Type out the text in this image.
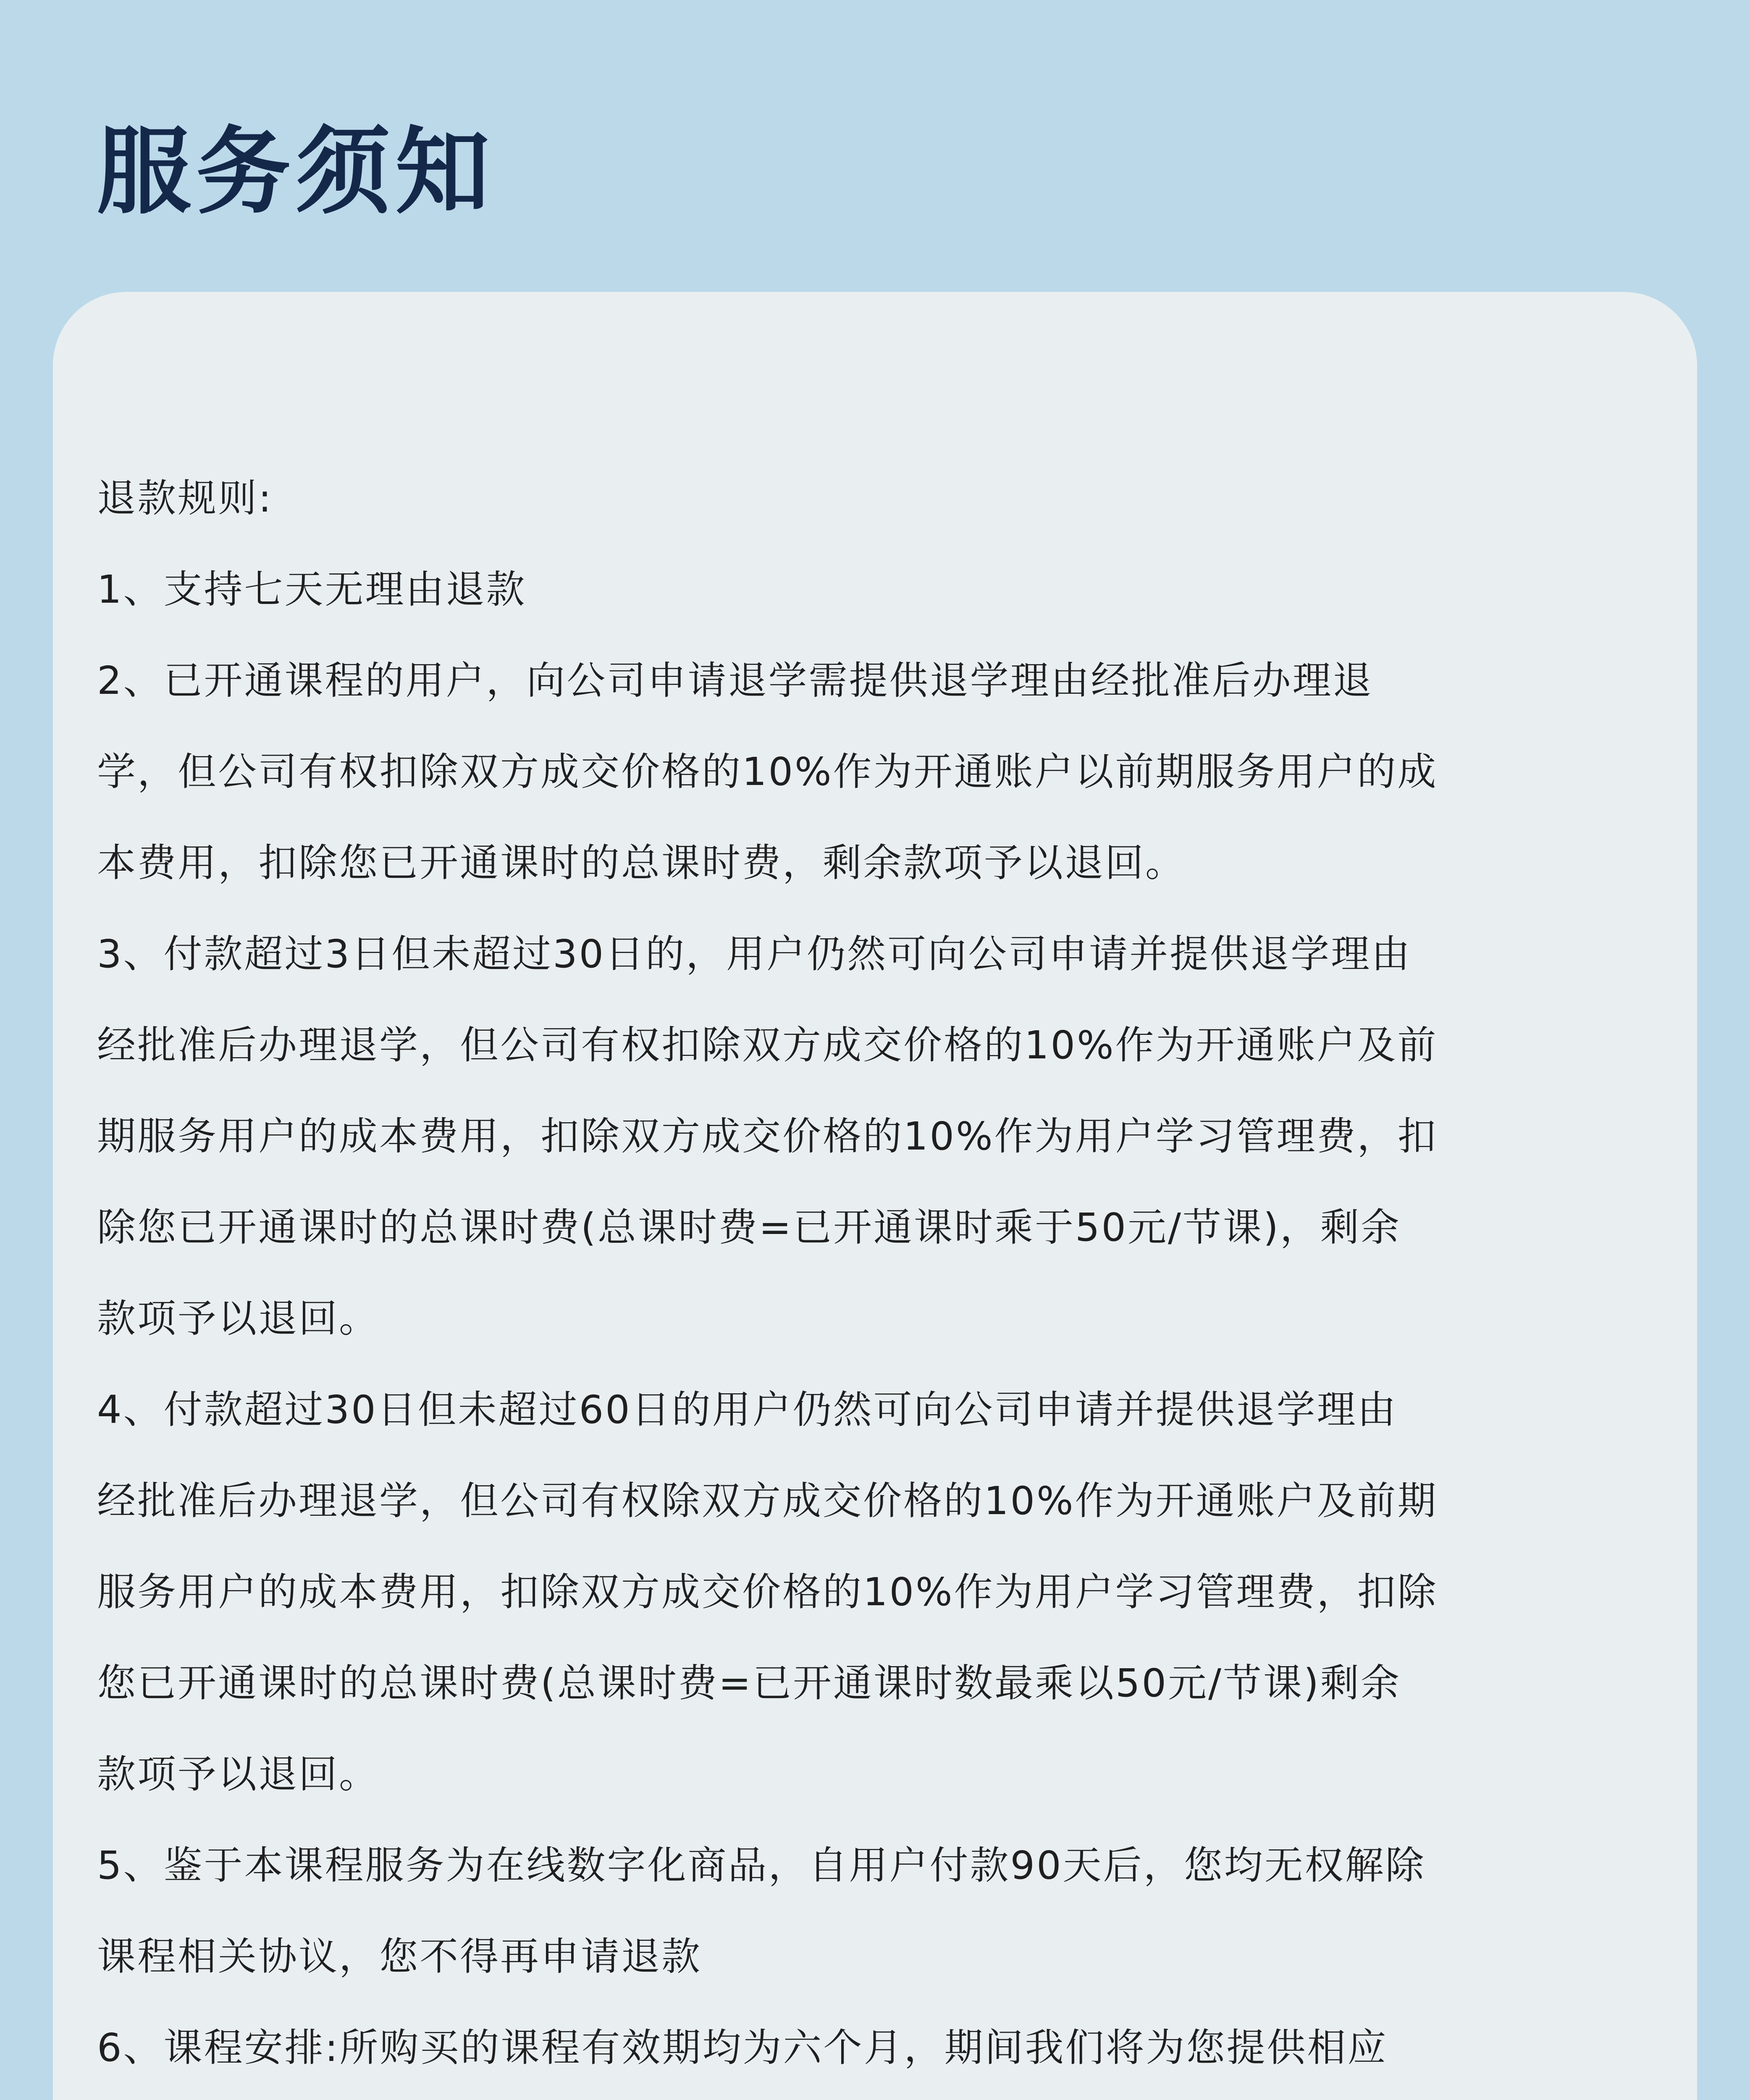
服务须知
退款规则:
1、支持七天无理由退款
2、已开通课程的用户，向公司申请退学需提供退学理由经批准后办理退
学，但公司有权扣除双方成交价格的10%作为开通账户以前期服务用户的成
本费用，扣除您已开通课时的总课时费，剩余款项予以退回。
3、付款超过3日但未超过30日的，用户仍然可向公司申请并提供退学理由
经批准后办理退学，但公司有权扣除双方成交价格的10%作为开通账户及前
期服务用户的成本费用，扣除双方成交价格的10%作为用户学习管理费，扣
除您已开通课时的总课时费(总课时费=已开通课时乘于50元/节课)，剩余
款项予以退回。
4、付款超过30日但未超过60日的用户仍然可向公司申请并提供退学理由
经批准后办理退学，但公司有权除双方成交价格的10%作为开通账户及前期
服务用户的成本费用，扣除双方成交价格的10%作为用户学习管理费，扣除
您已开通课时的总课时费(总课时费=已开通课时数最乘以50元/节课)剩余
款项予以退回。
5、鉴于本课程服务为在线数字化商品，自用户付款90天后，您均无权解除
课程相关协议，您不得再申请退款
6、课程安排:所购买的课程有效期均为六个月，期间我们将为您提供相应
